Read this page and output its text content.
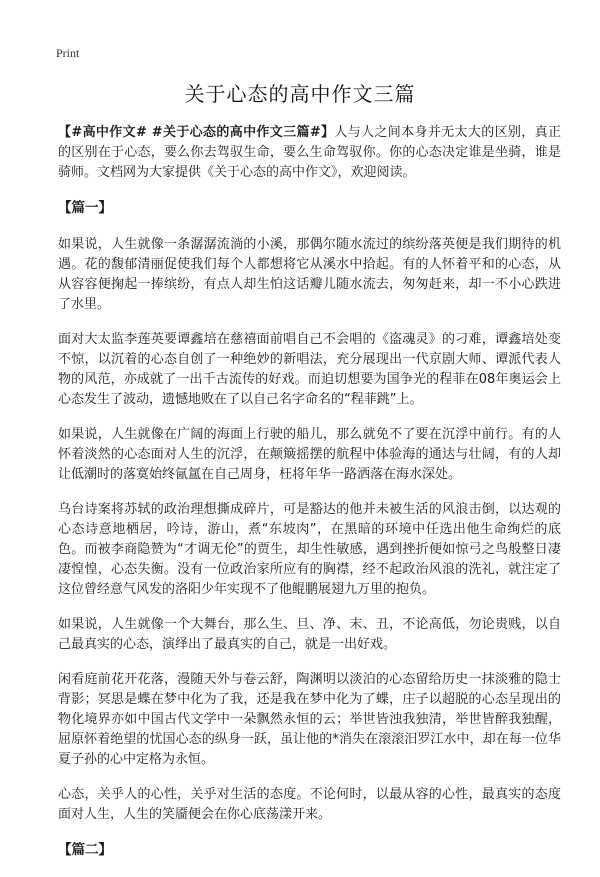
Print
关于心态的高中作文三篇

【#高中作文# #关于心态的高中作文三篇#】人与人之间本身并无太大的区别，真正的区别在于心态，要么你去驾驭生命，要么生命驾驭你。你的心态决定谁是坐骑，谁是骑师。文档网为大家提供《关于心态的高中作文》，欢迎阅读。

【篇一】

如果说，人生就像一条潺潺流淌的小溪，那偶尔随水流过的缤纷落英便是我们期待的机遇。花的馥郁清丽促使我们每个人都想将它从溪水中拾起。有的人怀着平和的心态，从从容容便掬起一捧缤纷，有点人却生怕这话瓣儿随水流去，匆匆赶来，却一不小心跌进了水里。

面对大太监李莲英要谭鑫培在慈禧面前唱自己不会唱的《盗魂灵》的刁难，谭鑫培处变不惊，以沉着的心态自创了一种绝妙的新唱法，充分展现出一代京剧大师、谭派代表人物的风范，亦成就了一出千古流传的好戏。而迫切想要为国争光的程菲在08年奥运会上心态发生了波动，遗憾地败在了以自己名字命名的“程菲跳”上。

如果说，人生就像在广阔的海面上行驶的船儿，那么就免不了要在沉浮中前行。有的人怀着淡然的心态面对人生的沉浮，在颠簸摇摆的航程中体验海的通达与壮阔，有的人却让低潮时的落寞始终氤氲在自己周身，枉将年华一路洒落在海水深处。

乌台诗案将苏轼的政治理想撕成碎片，可是豁达的他并未被生活的风浪击倒，以达观的心态诗意地栖居，吟诗，游山，煮“东坡肉”，在黑暗的环境中任选出他生命绚烂的底色。而被李商隐赞为“才调无伦”的贾生，却生性敏感，遇到挫折便如惊弓之鸟般整日凄凄惶惶，心态失衡。没有一位政治家所应有的胸襟，经不起政治风浪的洗礼，就注定了这位曾经意气风发的洛阳少年实现不了他鲲鹏展翅九万里的抱负。

如果说，人生就像一个大舞台，那么生、旦、净、末、丑，不论高低，勿论贵贱，以自己最真实的心态，演绎出了最真实的自己，就是一出好戏。

闲看庭前花开花落，漫随天外与卷云舒，陶渊明以淡泊的心态留给历史一抹淡雅的隐士背影；冥思是蝶在梦中化为了我，还是我在梦中化为了蝶，庄子以超脱的心态呈现出的物化境界亦如中国古代文学中一朵飘然永恒的云；举世皆浊我独清，举世皆醉我独醒，屈原怀着绝望的忧国心态的纵身一跃，虽让他的*消失在滚滚汨罗江水中，却在每一位华夏子孙的心中定格为永恒。

心态，关乎人的心性，关乎对生活的态度。不论何时，以最从容的心性，最真实的态度面对人生，人生的笑靥便会在你心底荡漾开来。

【篇二】
